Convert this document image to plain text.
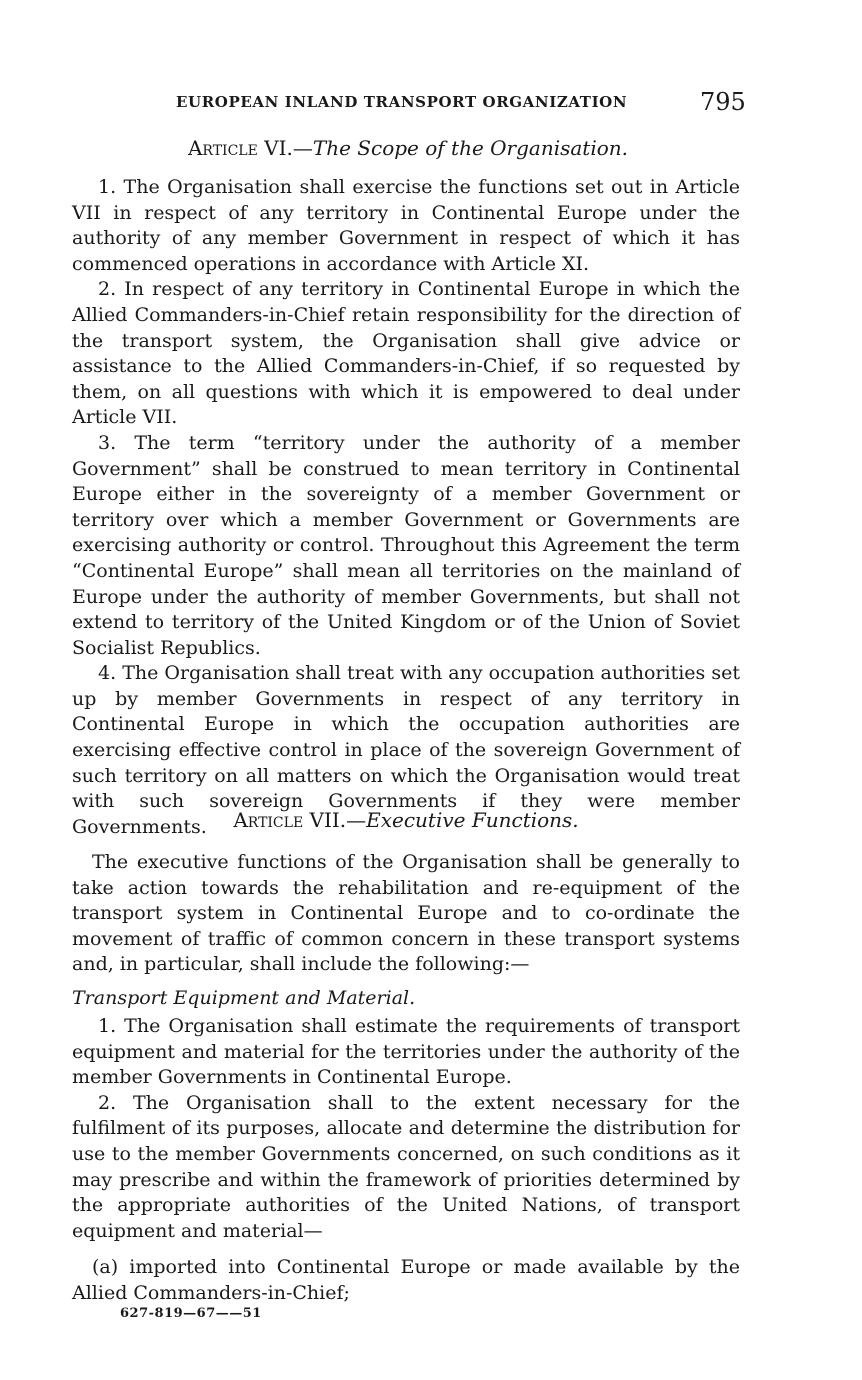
EUROPEAN INLAND TRANSPORT ORGANIZATION	795
Article VI.—The Scope of the Organisation.

1. The Organisation shall exercise the functions set out in Article VII in respect of any territory in Continental Europe under the authority of any member Government in respect of which it has commenced operations in accordance with Article XI.

2. In respect of any territory in Continental Europe in which the Allied Commanders-in-Chief retain responsibility for the direction of the transport system, the Organisation shall give advice or assistance to the Allied Commanders-in-Chief, if so requested by them, on all questions with which it is empowered to deal under Article VII.

3. The term “territory under the authority of a member Government” shall be construed to mean territory in Continental Europe either in the sovereignty of a member Government or territory over which a member Government or Governments are exercising authority or control. Throughout this Agreement the term “Continental Europe” shall mean all territories on the mainland of Europe under the authority of member Governments, but shall not extend to territory of the United Kingdom or of the Union of Soviet Socialist Republics.

4. The Organisation shall treat with any occupation authorities set up by member Governments in respect of any territory in Continental Europe in which the occupation authorities are exercising effective control in place of the sovereign Government of such territory on all matters on which the Organisation would treat with such sovereign Governments if they were member Governments.	Article VII.—Executive Functions.

The executive functions of the Organisation shall be generally to take action towards the rehabilitation and re-equipment of the transport system in Continental Europe and to co-ordinate the movement of traffic of common concern in these transport systems and, in particular, shall include the following:—

Transport Equipment and Material.

1. The Organisation shall estimate the requirements of transport equipment and material for the territories under the authority of the member Governments in Continental Europe.

2. The Organisation shall to the extent necessary for the fulfilment of its purposes, allocate and determine the distribution for use to the member Governments concerned, on such conditions as it may prescribe and within the framework of priorities determined by the appropriate authorities of the United Nations, of transport equipment and material—

(a) imported into Continental Europe or made available by the Allied Commanders-in-Chief;

627-819—67——51
